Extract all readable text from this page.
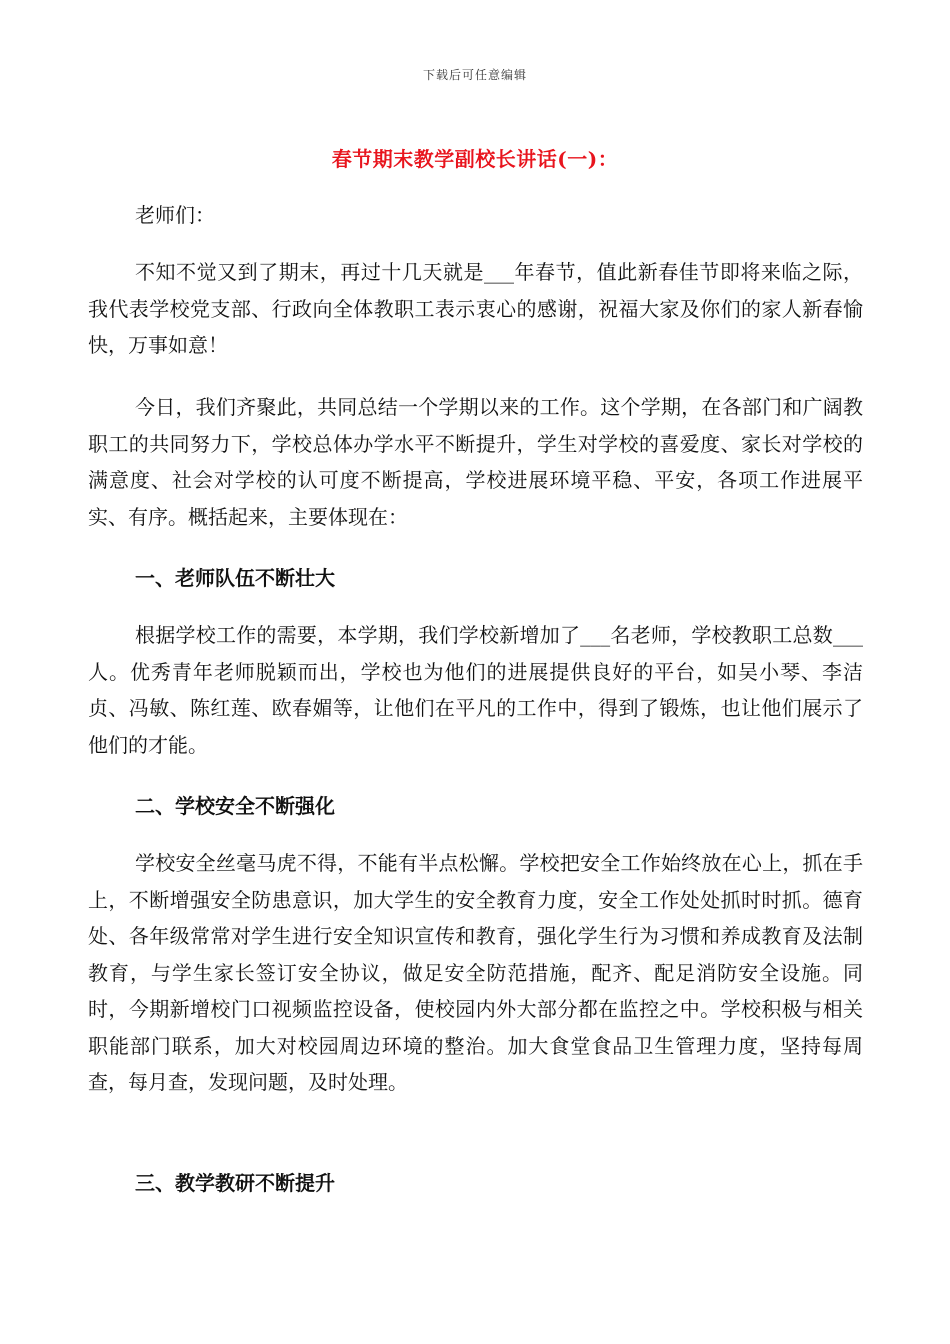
下载后可任意编辑
春节期末教学副校长讲话(一)：
老师们：
不知不觉又到了期末，再过十几天就是___年春节，值此新春佳节即将来临之际，我代表学校党支部、行政向全体教职工表示衷心的感谢，祝福大家及你们的家人新春愉快，万事如意！
今日，我们齐聚此，共同总结一个学期以来的工作。这个学期，在各部门和广阔教职工的共同努力下，学校总体办学水平不断提升，学生对学校的喜爱度、家长对学校的满意度、社会对学校的认可度不断提高，学校进展环境平稳、平安，各项工作进展平实、有序。概括起来，主要体现在：
一、老师队伍不断壮大
根据学校工作的需要，本学期，我们学校新增加了___名老师，学校教职工总数___人。优秀青年老师脱颖而出，学校也为他们的进展提供良好的平台，如吴小琴、李洁贞、冯敏、陈红莲、欧春媚等，让他们在平凡的工作中，得到了锻炼，也让他们展示了他们的才能。
二、学校安全不断强化
学校安全丝毫马虎不得，不能有半点松懈。学校把安全工作始终放在心上，抓在手上，不断增强安全防患意识，加大学生的安全教育力度，安全工作处处抓时时抓。德育处、各年级常常对学生进行安全知识宣传和教育，强化学生行为习惯和养成教育及法制教育，与学生家长签订安全协议，做足安全防范措施，配齐、配足消防安全设施。同时，今期新增校门口视频监控设备，使校园内外大部分都在监控之中。学校积极与相关职能部门联系，加大对校园周边环境的整治。加大食堂食品卫生管理力度，坚持每周查，每月查，发现问题，及时处理。
三、教学教研不断提升
